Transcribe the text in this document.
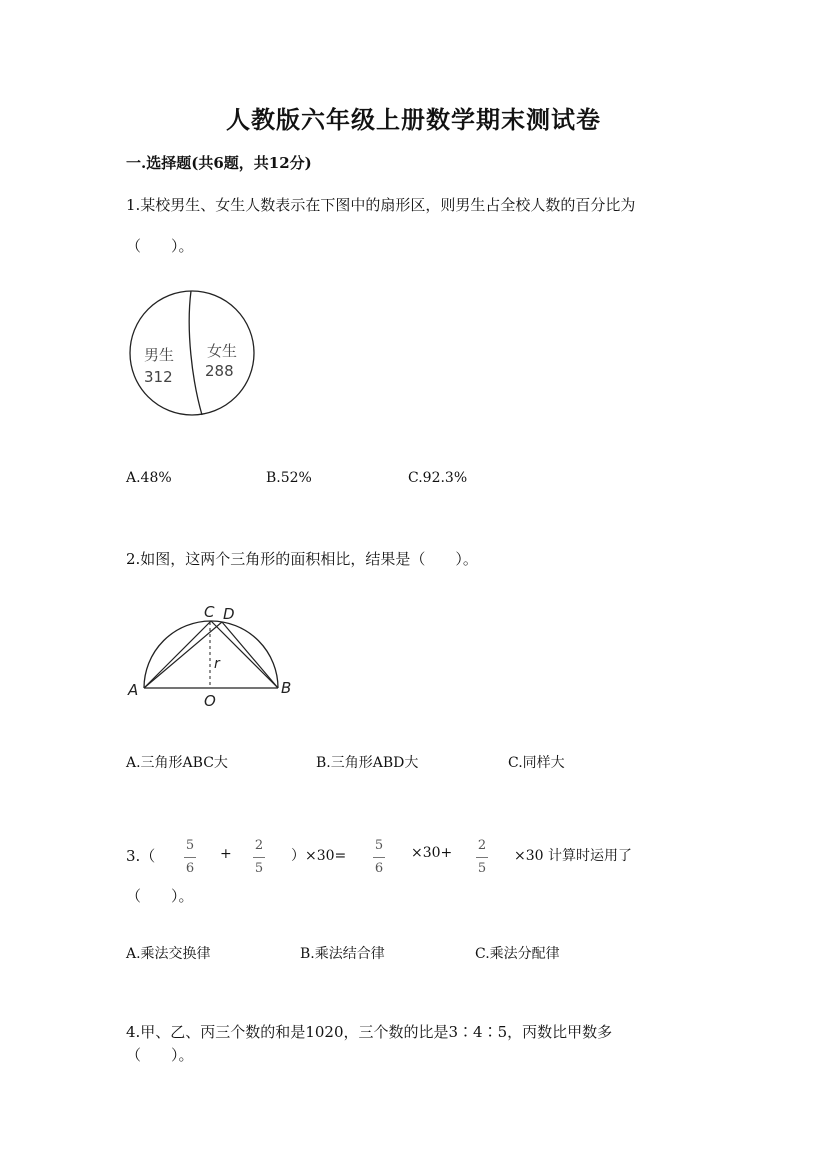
人教版六年级上册数学期末测试卷
一.选择题(共6题，共12分)
1.某校男生、女生人数表示在下图中的扇形区，则男生占全校人数的百分比为
（　　）。
男生
312
女生
288
A.48%	B.52%	C.92.3%
2.如图，这两个三角形的面积相比，结果是（　　）。
A	B
C D
O
r
A.三角形ABC大	B.三角形ABD大	C.同样大
3.（
5
6
+
2
5
）×30=
5
6
×30+ 2
5
×30 计算时运用了
（　　）。
A.乘法交换律	B.乘法结合律	C.乘法分配律
4.甲、乙、丙三个数的和是1020，三个数的比是3∶4∶5，丙数比甲数多
（　　）。
